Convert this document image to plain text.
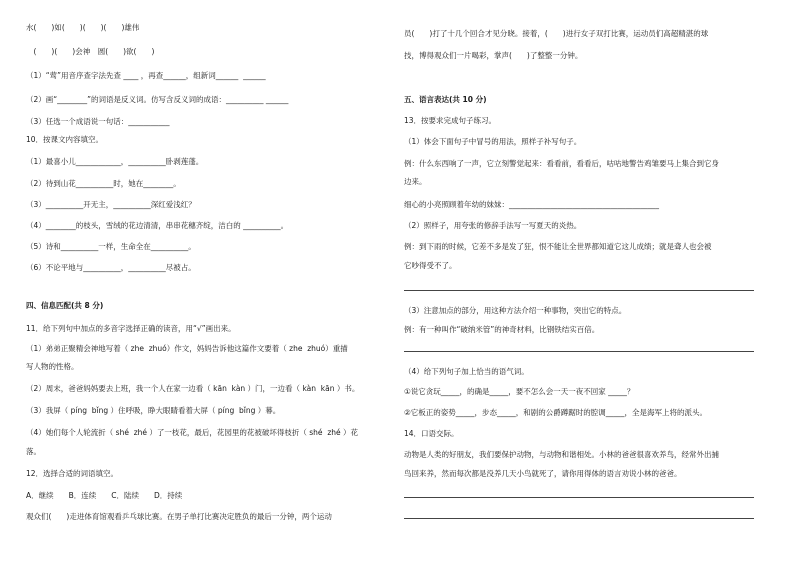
水(　　)如(　　)(　　)(　　)雄伟
　(　　)(　　)会神　圆(　　)欲(　　)
（1）“莺”用音序查字法先查 ____ ，再查______，组新词______  ______
（2）画“________”的词语是反义词。仿写含反义词的成语：__________ ______
（3）任选一个成语说一句话：___________
10．按课文内容填空。
（1）最喜小儿____________，__________卧剥莲蓬。
（2）待到山花__________时，她在________。
（3）__________开无主，__________深红爱浅红？
（4）________的枝头，雪绒的花边清清，串串花穗齐绽，洁白的 __________。
（5）诗和__________一样，生命全在__________。
（6）不论平地与__________，__________尽被占。
四、信息匹配(共 8 分)
11．给下列句中加点的多音字选择正确的读音，用“√”画出来。
（1）弟弟正聚精会神地写着（ zhe  zhuó）作文，妈妈告诉他这篇作文要着（ zhe  zhuó）重描
写人物的性格。
（2）周末，爸爸妈妈要去上班，我一个人在家一边看（ kān  kàn ）门，一边看（ kàn  kān ）书。
（3）我屏（ píng  bǐng ）住呼吸，睁大眼睛看着大屏（ píng  bǐng ）幕。
（4）她们每个人轮流折（ shé  zhé ）了一枝花，最后，花园里的花被破坏得枝折（ shé  zhé ）花
落。
12．选择合适的词语填空。
A．继续　　B．连续　　C．陆续　　D．持续
观众们(　　)走进体育馆观看乒乓球比赛。在男子单打比赛决定胜负的最后一分钟，两个运动
员(　　)打了十几个回合才见分晓。接着，(　　)进行女子双打比赛，运动员们高超精湛的球
技，博得观众们一片喝彩，掌声(　　)了整整一分钟。
五、语言表达(共 10 分)
13．按要求完成句子练习。
（1）体会下面句子中冒号的用法，照样子补写句子。
例：什么东西响了一声，它立刻警觉起来：看看前，看看后，咕咕地警告鸡雏要马上集合到它身
边来。
细心的小亮照顾着年幼的妹妹：________________________________________
（2）照样子，用夸张的修辞手法写一写夏天的炎热。
例：到下雨的时候，它差不多是发了狂，恨不能让全世界都知道它这儿成绩；就是聋人也会被
它吵得受不了。
（3）注意加点的部分，用这种方法介绍一种事物，突出它的特点。
例：有一种叫作“破纳米管”的神奇材料，比钢铁结实百倍。
（4）给下列句子加上恰当的语气词。
①说它贪玩_____，的确是_____，要不怎么会一天一夜不回家 _____？
②它板正的姿势_____，步态_____，和剧的公爵蹲踞时的腔调_____，全是海军上将的派头。
14．口语交际。
动物是人类的好朋友，我们要保护动物，与动物和谐相处。小林的爸爸很喜欢养鸟，经常外出捕
鸟回来养，然而每次都是没养几天小鸟就死了，请你用得体的语言劝说小林的爸爸。
